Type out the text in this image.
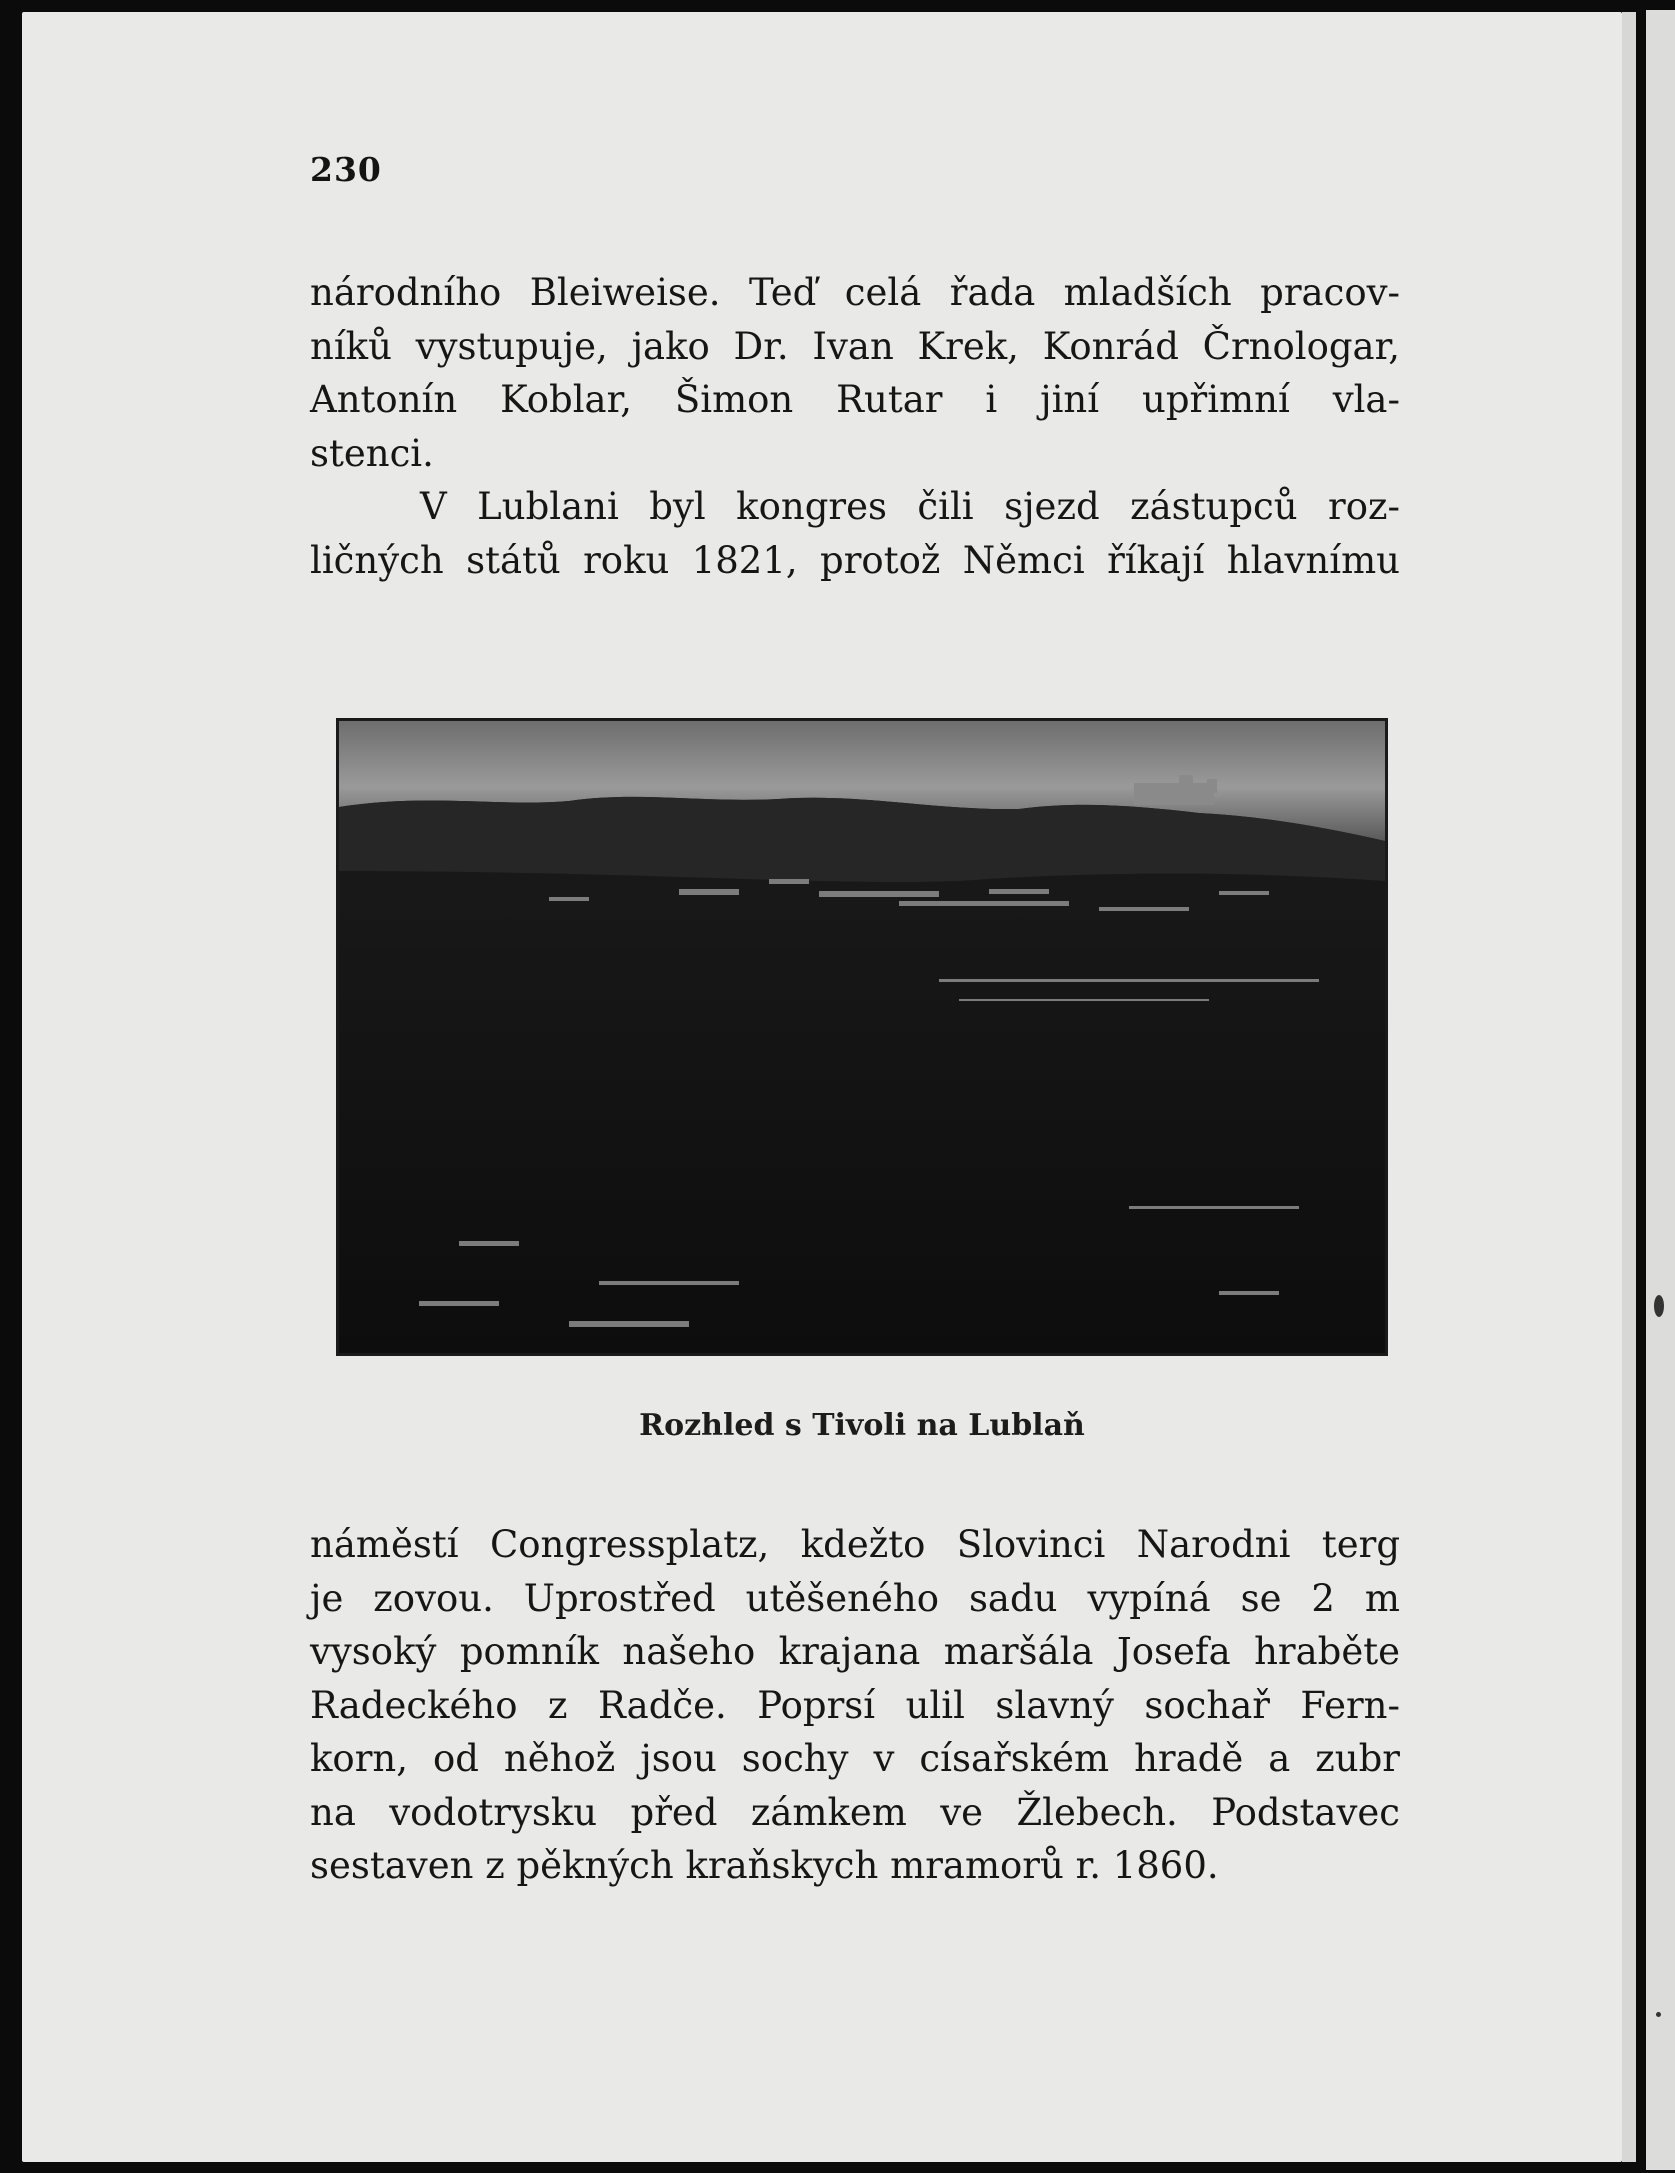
230
národního Bleiweise. Teď celá řada mladších pracov-
níků vystupuje, jako Dr. Ivan Krek, Konrád Črnologar,
Antonín Koblar, Šimon Rutar i jiní upřimní vla-
stenci.
V Lublani byl kongres čili sjezd zástupců roz-
ličných států roku 1821, protož Němci říkají hlavnímu
Rozhled s Tivoli na Lublaň
náměstí Congressplatz, kdežto Slovinci Narodni terg
je zovou. Uprostřed utěšeného sadu vypíná se 2 m
vysoký pomník našeho krajana maršála Josefa hraběte
Radeckého z Radče. Poprsí ulil slavný sochař Fern-
korn, od něhož jsou sochy v císařském hradě a zubr
na vodotrysku před zámkem ve Žlebech. Podstavec
sestaven z pěkných kraňskych mramorů r. 1860.
